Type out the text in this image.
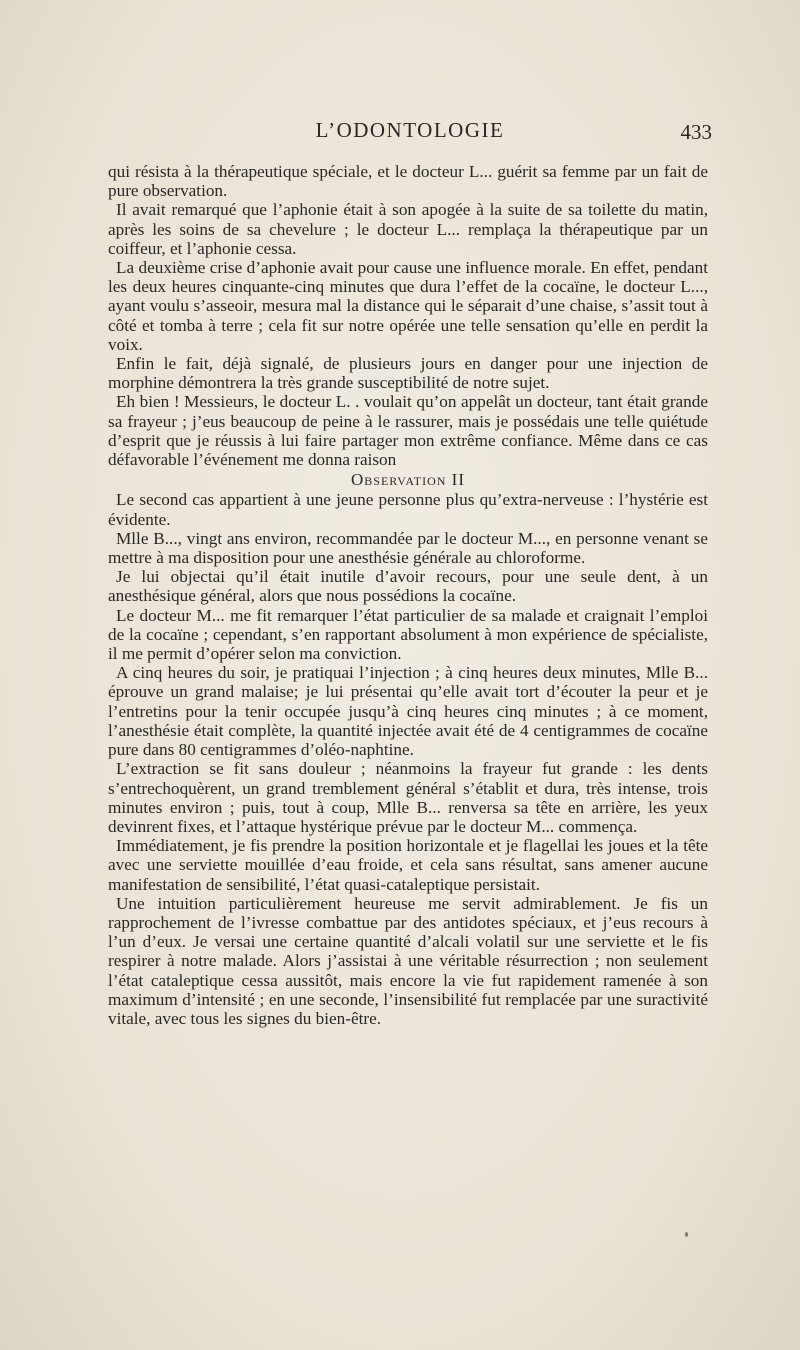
L’ODONTOLOGIE	433

qui résista à la thérapeutique spéciale, et le docteur L... guérit sa femme par un fait de pure observation.

Il avait remarqué que l’aphonie était à son apogée à la suite de sa toilette du matin, après les soins de sa chevelure ; le docteur L... remplaça la thérapeutique par un coiffeur, et l’aphonie cessa.

La deuxième crise d’aphonie avait pour cause une influence morale. En effet, pendant les deux heures cinquante-cinq minutes que dura l’effet de la cocaïne, le docteur L..., ayant voulu s’asseoir, mesura mal la distance qui le séparait d’une chaise, s’assit tout à côté et tomba à terre ; cela fit sur notre opérée une telle sensation qu’elle en perdit la voix.

Enfin le fait, déjà signalé, de plusieurs jours en danger pour une injection de morphine démontrera la très grande susceptibilité de notre sujet.

Eh bien ! Messieurs, le docteur L. . voulait qu’on appelât un docteur, tant était grande sa frayeur ; j’eus beaucoup de peine à le rassurer, mais je possédais une telle quiétude d’esprit que je réussis à lui faire partager mon extrême confiance. Même dans ce cas défavorable l’événement me donna raison

Observation II

Le second cas appartient à une jeune personne plus qu’extra-nerveuse : l’hystérie est évidente.

Mlle B..., vingt ans environ, recommandée par le docteur M..., en personne venant se mettre à ma disposition pour une anesthésie générale au chloroforme.

Je lui objectai qu’il était inutile d’avoir recours, pour une seule dent, à un anesthésique général, alors que nous possédions la cocaïne.

Le docteur M... me fit remarquer l’état particulier de sa malade et craignait l’emploi de la cocaïne ; cependant, s’en rapportant absolument à mon expérience de spécialiste, il me permit d’opérer selon ma conviction.

A cinq heures du soir, je pratiquai l’injection ; à cinq heures deux minutes, Mlle B... éprouve un grand malaise; je lui présentai qu’elle avait tort d’écouter la peur et je l’entretins pour la tenir occupée jusqu’à cinq heures cinq minutes ; à ce moment, l’anesthésie était complète, la quantité injectée avait été de 4 centigrammes de cocaïne pure dans 80 centigrammes d’oléo-naphtine.

L’extraction se fit sans douleur ; néanmoins la frayeur fut grande : les dents s’entrechoquèrent, un grand tremblement général s’établit et dura, très intense, trois minutes environ ; puis, tout à coup, Mlle B... renversa sa tête en arrière, les yeux devinrent fixes, et l’attaque hystérique prévue par le docteur M... commença.

Immédiatement, je fis prendre la position horizontale et je flagellai les joues et la tête avec une serviette mouillée d’eau froide, et cela sans résultat, sans amener aucune manifestation de sensibilité, l’état quasi-cataleptique persistait.

Une intuition particulièrement heureuse me servit admirablement. Je fis un rapprochement de l’ivresse combattue par des antidotes spéciaux, et j’eus recours à l’un d’eux. Je versai une certaine quantité d’alcali volatil sur une serviette et le fis respirer à notre malade. Alors j’assistai à une véritable résurrection ; non seulement l’état cataleptique cessa aussitôt, mais encore la vie fut rapidement ramenée à son maximum d’intensité ; en une seconde, l’insensibilité fut remplacée par une suractivité vitale, avec tous les signes du bien-être.
